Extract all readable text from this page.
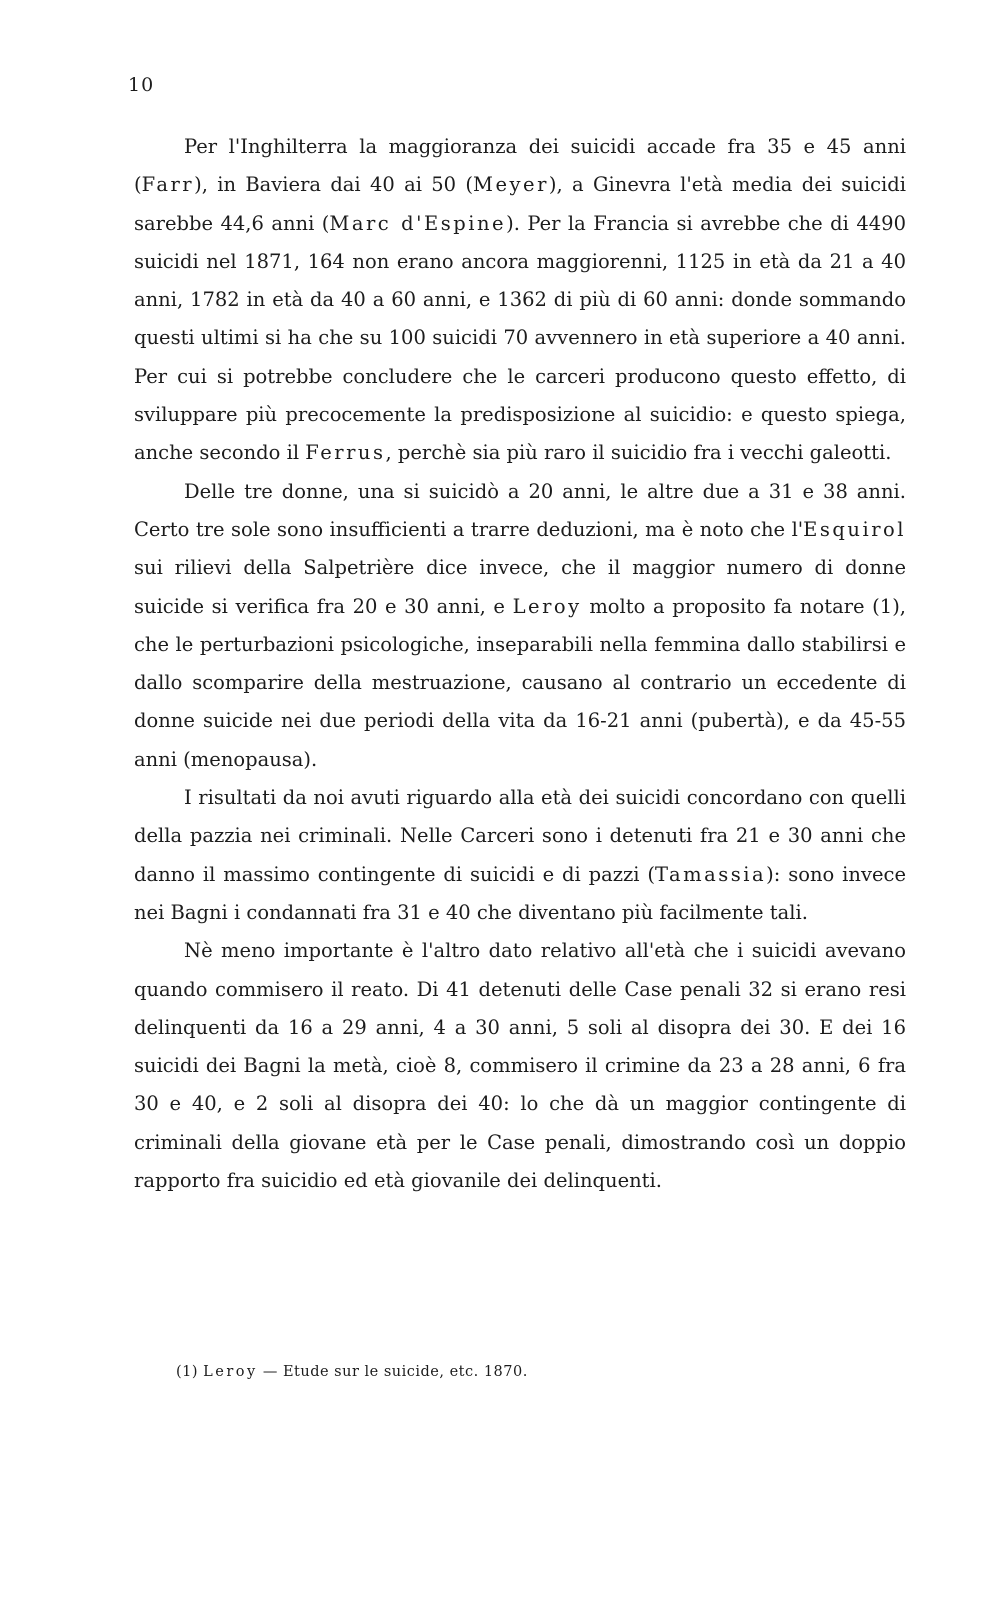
10

Per l'Inghilterra la maggioranza dei suicidi accade fra 35 e 45 anni (Farr), in Baviera dai 40 ai 50 (Meyer), a Ginevra l'età media dei suicidi sarebbe 44,6 anni (Marc d'Espine). Per la Francia si avrebbe che di 4490 suicidi nel 1871, 164 non erano ancora maggiorenni, 1125 in età da 21 a 40 anni, 1782 in età da 40 a 60 anni, e 1362 di più di 60 anni: donde sommando questi ultimi si ha che su 100 suicidi 70 avvennero in età superiore a 40 anni. Per cui si potrebbe concludere che le carceri producono questo effetto, di sviluppare più precocemente la predisposizione al suicidio: e questo spiega, anche secondo il Ferrus, perchè sia più raro il suicidio fra i vecchi galeotti.

Delle tre donne, una si suicidò a 20 anni, le altre due a 31 e 38 anni. Certo tre sole sono insufficienti a trarre deduzioni, ma è noto che l'Esquirol sui rilievi della Salpetrière dice invece, che il maggior numero di donne suicide si verifica fra 20 e 30 anni, e Leroy molto a proposito fa notare (1), che le perturbazioni psicologiche, inseparabili nella femmina dallo stabilirsi e dallo scomparire della mestruazione, causano al contrario un eccedente di donne suicide nei due periodi della vita da 16-21 anni (pubertà), e da 45-55 anni (menopausa).

I risultati da noi avuti riguardo alla età dei suicidi concordano con quelli della pazzia nei criminali. Nelle Carceri sono i detenuti fra 21 e 30 anni che danno il massimo contingente di suicidi e di pazzi (Tamassia): sono invece nei Bagni i condannati fra 31 e 40 che diventano più facilmente tali.

Nè meno importante è l'altro dato relativo all'età che i suicidi avevano quando commisero il reato. Di 41 detenuti delle Case penali 32 si erano resi delinquenti da 16 a 29 anni, 4 a 30 anni, 5 soli al disopra dei 30. E dei 16 suicidi dei Bagni la metà, cioè 8, commisero il crimine da 23 a 28 anni, 6 fra 30 e 40, e 2 soli al disopra dei 40: lo che dà un maggior contingente di criminali della giovane età per le Case penali, dimostrando così un doppio rapporto fra suicidio ed età giovanile dei delinquenti.

(1) Leroy — Etude sur le suicide, etc. 1870.
